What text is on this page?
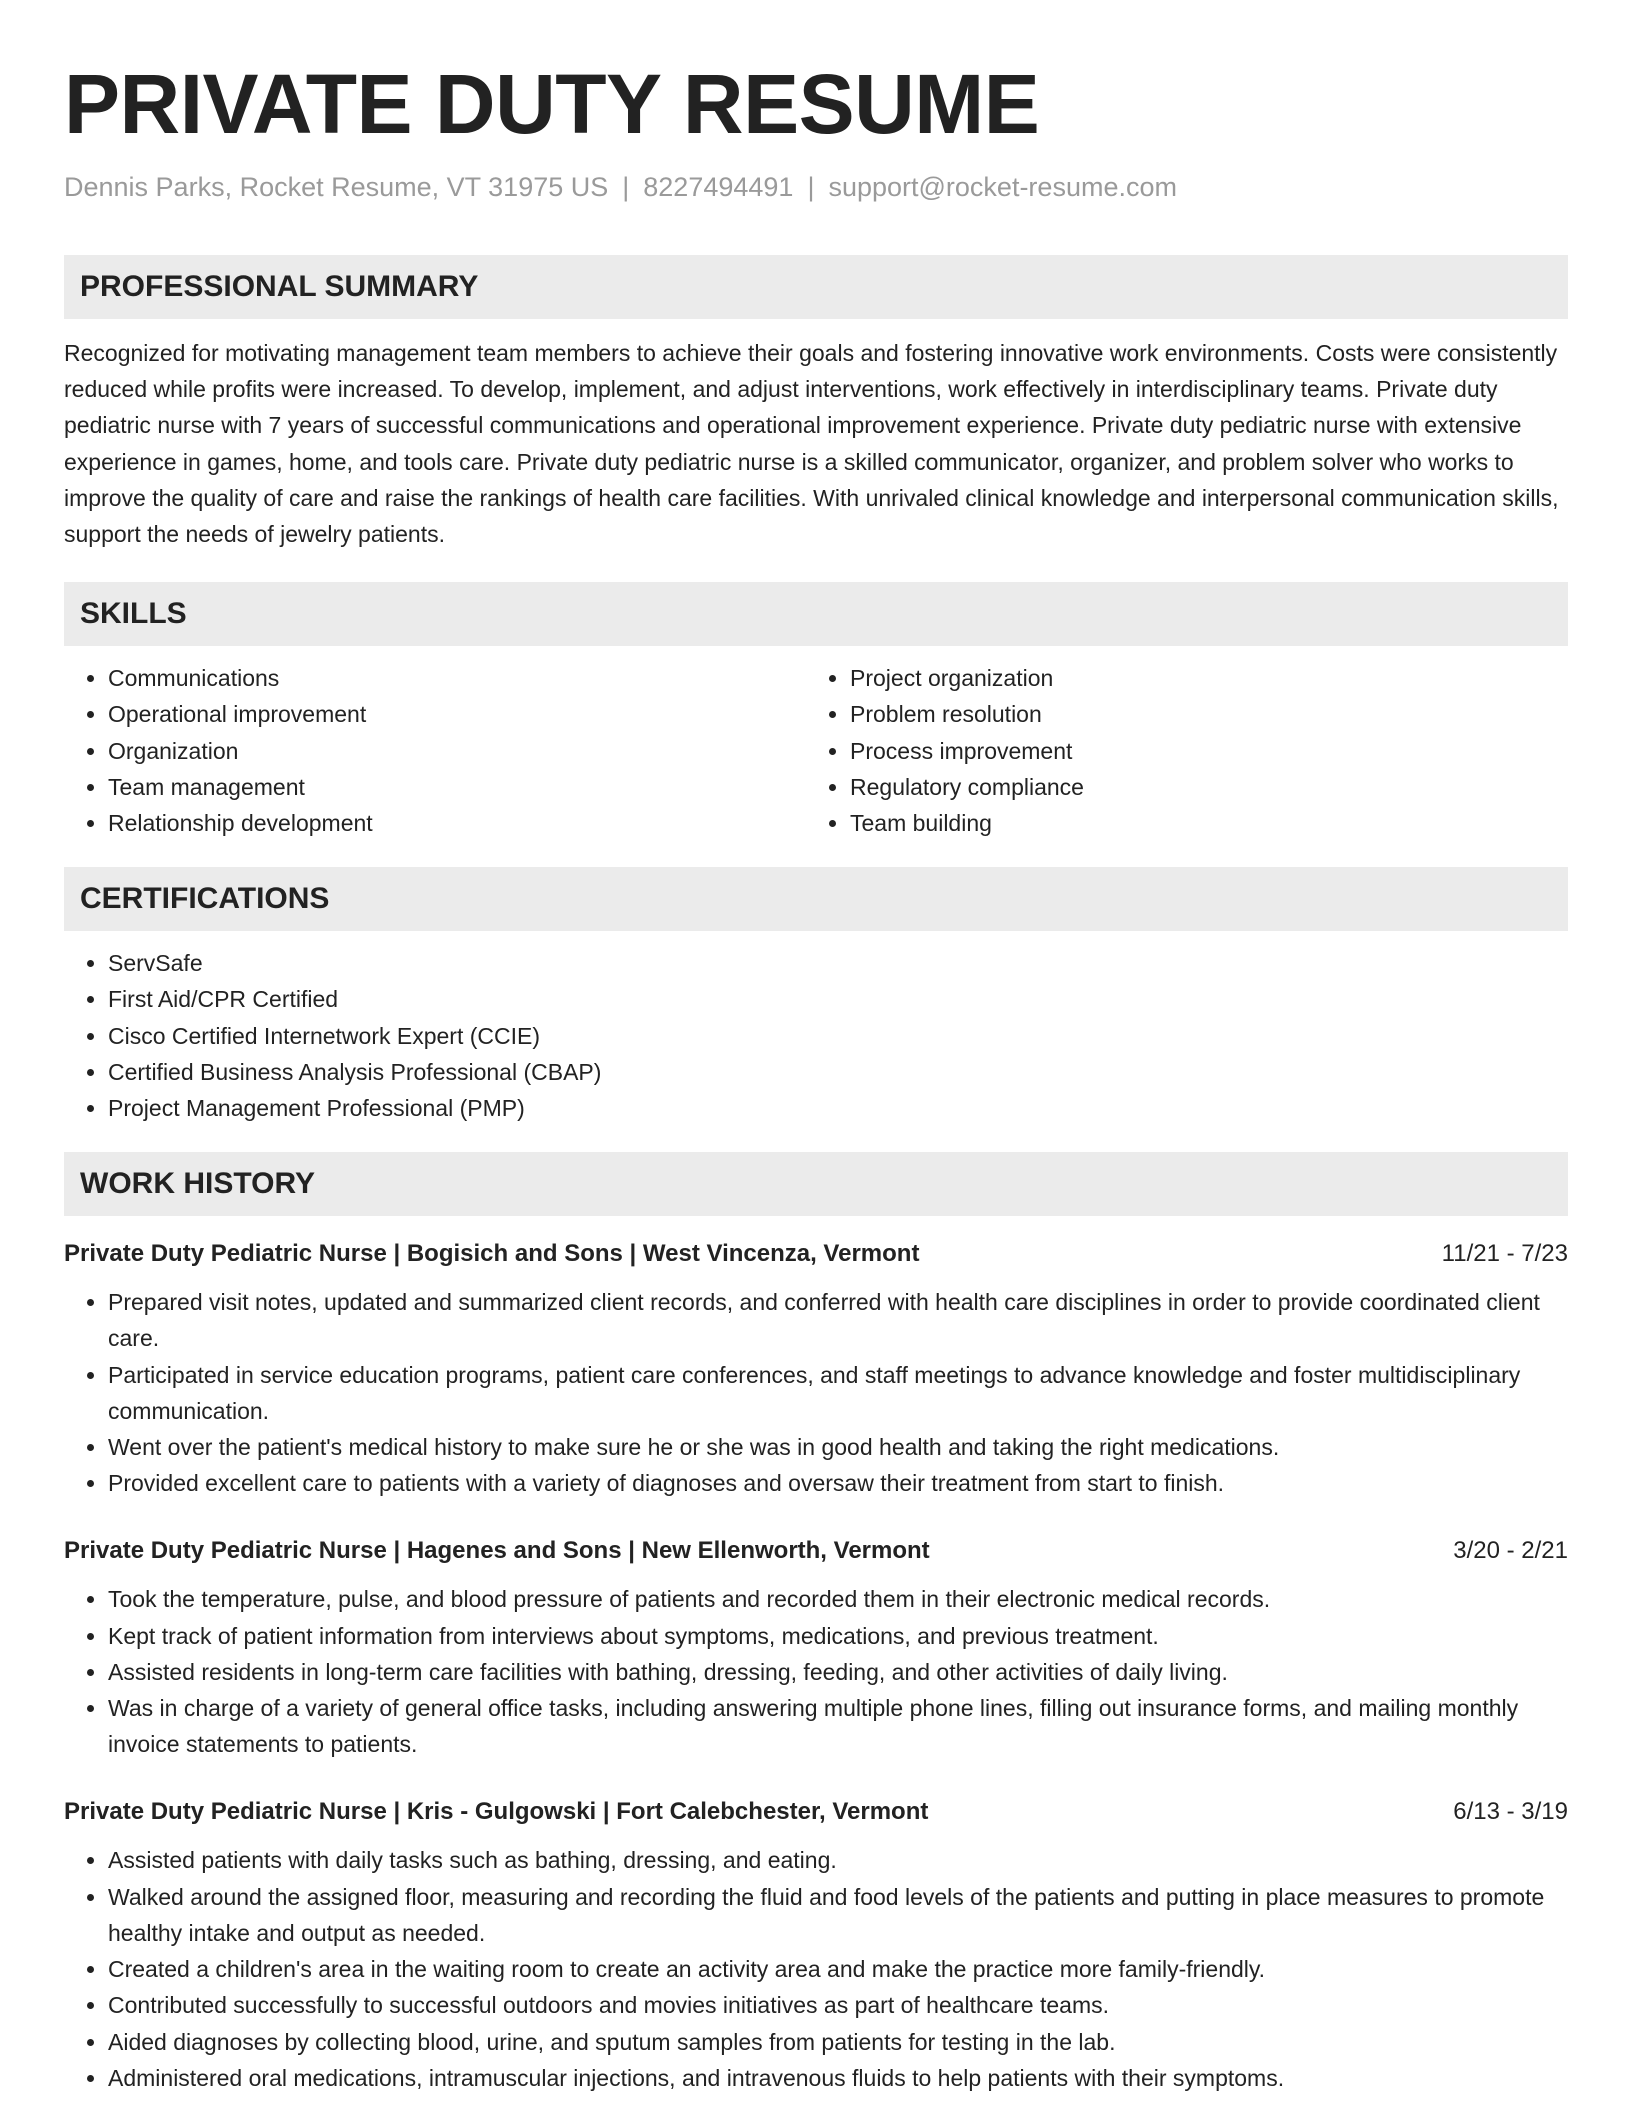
PRIVATE DUTY RESUME
Dennis Parks, Rocket Resume, VT 31975 US | 8227494491 | support@rocket-resume.com
PROFESSIONAL SUMMARY

Recognized for motivating management team members to achieve their goals and fostering innovative work environments. Costs were consistently reduced while profits were increased. To develop, implement, and adjust interventions, work effectively in interdisciplinary teams. Private duty pediatric nurse with 7 years of successful communications and operational improvement experience. Private duty pediatric nurse with extensive experience in games, home, and tools care. Private duty pediatric nurse is a skilled communicator, organizer, and problem solver who works to improve the quality of care and raise the rankings of health care facilities. With unrivaled clinical knowledge and interpersonal communication skills, support the needs of jewelry patients.

SKILLS
• Communications
• Operational improvement
• Organization
• Team management
• Relationship development
• Project organization
• Problem resolution
• Process improvement
• Regulatory compliance
• Team building
CERTIFICATIONS
• ServSafe
• First Aid/CPR Certified
• Cisco Certified Internetwork Expert (CCIE)
• Certified Business Analysis Professional (CBAP)
• Project Management Professional (PMP)
WORK HISTORY
Private Duty Pediatric Nurse | Bogisich and Sons | West Vincenza, Vermont	11/21 - 7/23
• Prepared visit notes, updated and summarized client records, and conferred with health care disciplines in order to provide coordinated client care.
• Participated in service education programs, patient care conferences, and staff meetings to advance knowledge and foster multidisciplinary communication.
• Went over the patient's medical history to make sure he or she was in good health and taking the right medications.
• Provided excellent care to patients with a variety of diagnoses and oversaw their treatment from start to finish.
Private Duty Pediatric Nurse | Hagenes and Sons | New Ellenworth, Vermont	3/20 - 2/21
• Took the temperature, pulse, and blood pressure of patients and recorded them in their electronic medical records.
• Kept track of patient information from interviews about symptoms, medications, and previous treatment.
• Assisted residents in long-term care facilities with bathing, dressing, feeding, and other activities of daily living.
• Was in charge of a variety of general office tasks, including answering multiple phone lines, filling out insurance forms, and mailing monthly invoice statements to patients.
Private Duty Pediatric Nurse | Kris - Gulgowski | Fort Calebchester, Vermont	6/13 - 3/19
• Assisted patients with daily tasks such as bathing, dressing, and eating.
• Walked around the assigned floor, measuring and recording the fluid and food levels of the patients and putting in place measures to promote healthy intake and output as needed.
• Created a children's area in the waiting room to create an activity area and make the practice more family-friendly.
• Contributed successfully to successful outdoors and movies initiatives as part of healthcare teams.
• Aided diagnoses by collecting blood, urine, and sputum samples from patients for testing in the lab.
• Administered oral medications, intramuscular injections, and intravenous fluids to help patients with their symptoms.
